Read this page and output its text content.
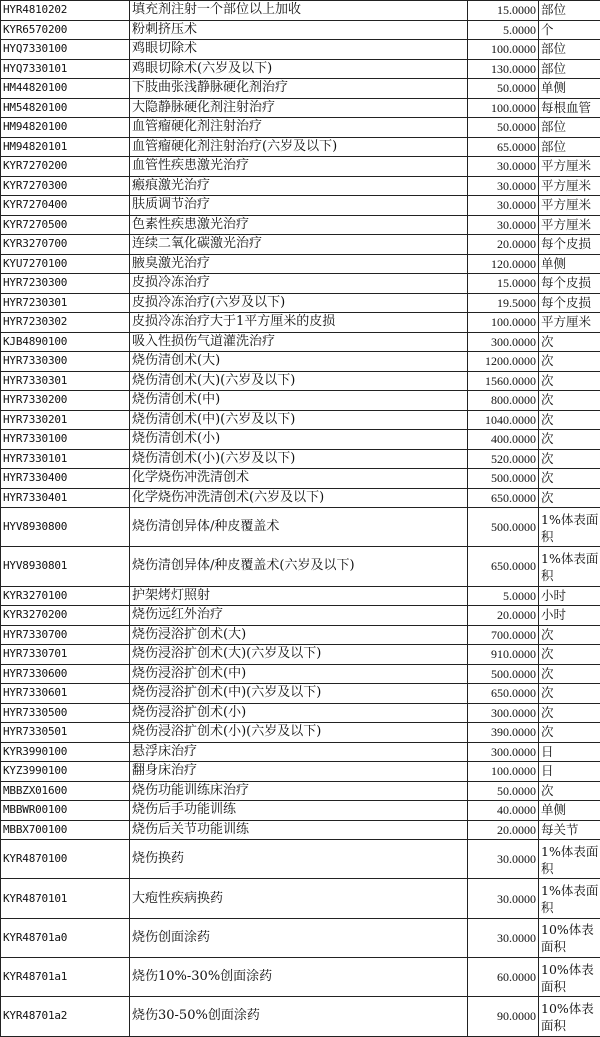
HYR4810202	填充剂注射一个部位以上加收	15.0000	部位
KYR6570200	粉刺挤压术	5.0000	个
HYQ7330100	鸡眼切除术	100.0000	部位
HYQ7330101	鸡眼切除术(六岁及以下)	130.0000	部位
HM44820100	下肢曲张浅静脉硬化剂治疗	50.0000	单侧
HM54820100	大隐静脉硬化剂注射治疗	100.0000	每根血管
HM94820100	血管瘤硬化剂注射治疗	50.0000	部位
HM94820101	血管瘤硬化剂注射治疗(六岁及以下)	65.0000	部位
KYR7270200	血管性疾患激光治疗	30.0000	平方厘米
KYR7270300	瘢痕激光治疗	30.0000	平方厘米
KYR7270400	肤质调节治疗	30.0000	平方厘米
KYR7270500	色素性疾患激光治疗	30.0000	平方厘米
KYR3270700	连续二氧化碳激光治疗	20.0000	每个皮损
KYU7270100	腋臭激光治疗	120.0000	单侧
HYR7230300	皮损冷冻治疗	15.0000	每个皮损
HYR7230301	皮损冷冻治疗(六岁及以下)	19.5000	每个皮损
HYR7230302	皮损冷冻治疗大于1平方厘米的皮损	100.0000	平方厘米
KJB4890100	吸入性损伤气道灌洗治疗	300.0000	次
HYR7330300	烧伤清创术(大)	1200.0000	次
HYR7330301	烧伤清创术(大)(六岁及以下)	1560.0000	次
HYR7330200	烧伤清创术(中)	800.0000	次
HYR7330201	烧伤清创术(中)(六岁及以下)	1040.0000	次
HYR7330100	烧伤清创术(小)	400.0000	次
HYR7330101	烧伤清创术(小)(六岁及以下)	520.0000	次
HYR7330400	化学烧伤冲洗清创术	500.0000	次
HYR7330401	化学烧伤冲洗清创术(六岁及以下)	650.0000	次
HYV8930800	烧伤清创异体/种皮覆盖术	500.0000	1%体表面积
HYV8930801	烧伤清创异体/种皮覆盖术(六岁及以下)	650.0000	1%体表面积
KYR3270100	护架烤灯照射	5.0000	小时
KYR3270200	烧伤远红外治疗	20.0000	小时
HYR7330700	烧伤浸浴扩创术(大)	700.0000	次
HYR7330701	烧伤浸浴扩创术(大)(六岁及以下)	910.0000	次
HYR7330600	烧伤浸浴扩创术(中)	500.0000	次
HYR7330601	烧伤浸浴扩创术(中)(六岁及以下)	650.0000	次
HYR7330500	烧伤浸浴扩创术(小)	300.0000	次
HYR7330501	烧伤浸浴扩创术(小)(六岁及以下)	390.0000	次
KYR3990100	悬浮床治疗	300.0000	日
KYZ3990100	翻身床治疗	100.0000	日
MBBZX01600	烧伤功能训练床治疗	50.0000	次
MBBWR00100	烧伤后手功能训练	40.0000	单侧
MBBX700100	烧伤后关节功能训练	20.0000	每关节
KYR4870100	烧伤换药	30.0000	1%体表面积
KYR4870101	大疱性疾病换药	30.0000	1%体表面积
KYR48701a0	烧伤创面涂药	30.0000	10%体表面积
KYR48701a1	烧伤10%-30%创面涂药	60.0000	10%体表面积
KYR48701a2	烧伤30-50%创面涂药	90.0000	10%体表面积
